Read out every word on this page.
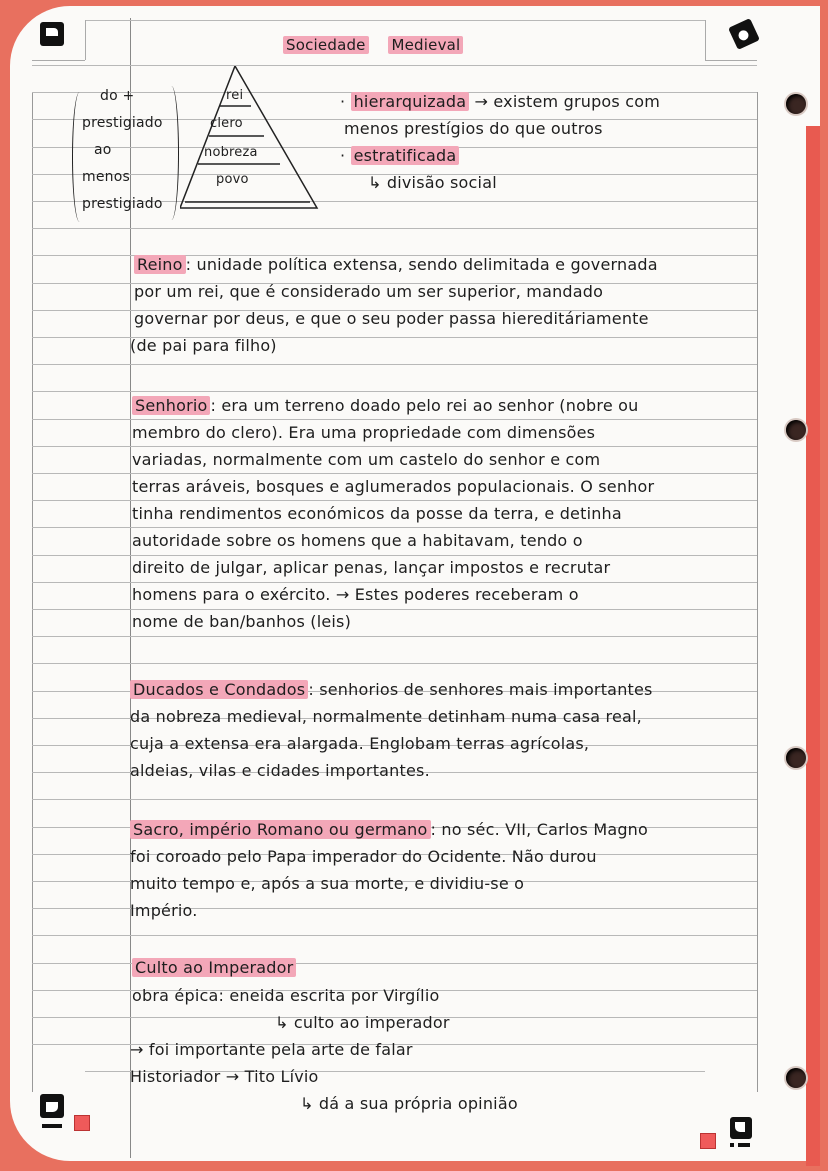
Sociedade Medieval
do +
prestigiado
ao
menos
prestigiado
rei
clero
nobreza
povo
· hierarquizada → existem grupos com
menos prestígios do que outros
· estratificada
↳ divisão social
Reino : unidade política extensa, sendo delimitada e governada
por um rei, que é considerado um ser superior, mandado
governar por deus, e que o seu poder passa hiereditáriamente
(de pai para filho)
Senhorio : era um terreno doado pelo rei ao senhor (nobre ou
membro do clero). Era uma propriedade com dimensões
variadas, normalmente com um castelo do senhor e com
terras aráveis, bosques e aglumerados populacionais. O senhor
tinha rendimentos económicos da posse da terra, e detinha
autoridade sobre os homens que a habitavam, tendo o
direito de julgar, aplicar penas, lançar impostos e recrutar
homens para o exército. → Estes poderes receberam o
nome de ban/banhos (leis)
Ducados e Condados : senhorios de senhores mais importantes
da nobreza medieval, normalmente detinham numa casa real,
cuja a extensa era alargada. Englobam terras agrícolas,
aldeias, vilas e cidades importantes.
Sacro, império Romano ou germano : no séc. VII, Carlos Magno
foi coroado pelo Papa imperador do Ocidente. Não durou
muito tempo e, após a sua morte, e dividiu-se o
Império.
Culto ao Imperador
obra épica: eneida escrita por Virgílio
↳ culto ao imperador
→ foi importante pela arte de falar
Historiador → Tito Lívio
↳ dá a sua própria opinião
